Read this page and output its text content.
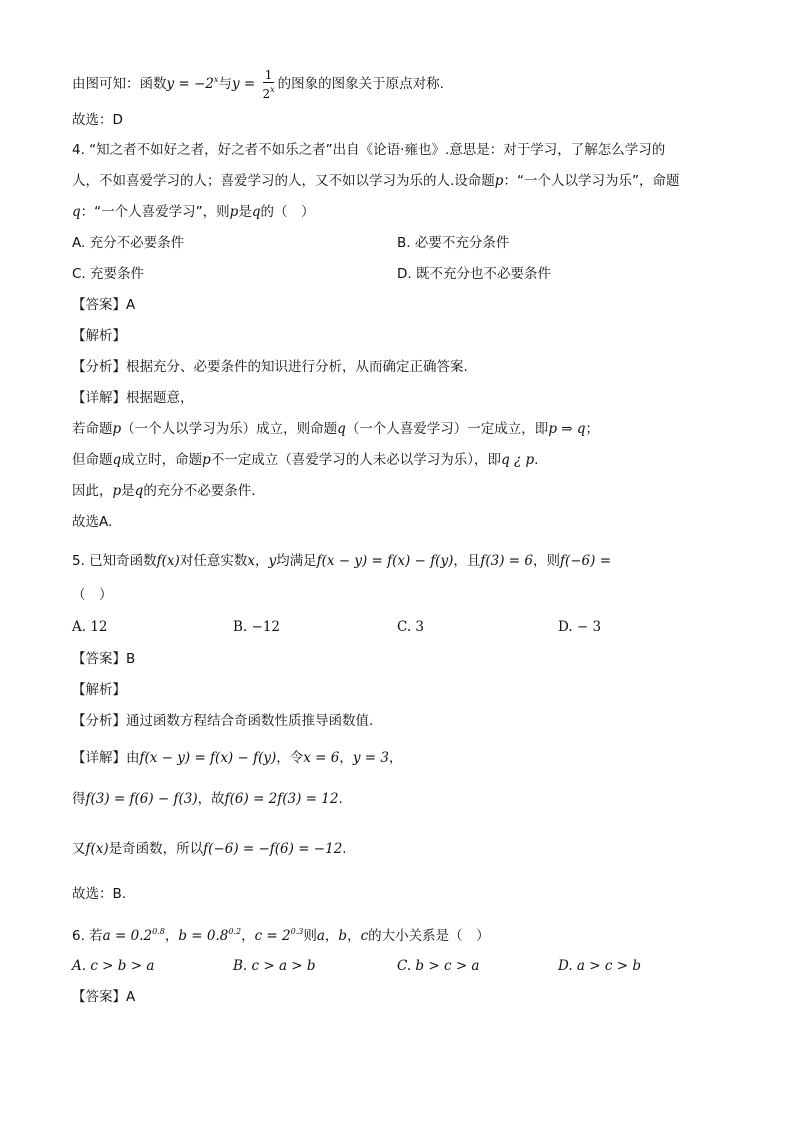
由图可知：函数$y = -2^x$与$y = \frac{1}{2^x}$ 的图象的图象关于原点对称.
故选：D
4. “知之者不如好之者，好之者不如乐之者”出自《论语·雍也》.意思是：对于学习，了解怎么学习的
人，不如喜爱学习的人；喜爱学习的人，又不如以学习为乐的人.设命题p：“一个人以学习为乐”，命题
q：“一个人喜爱学习”，则p是q的（　）
A. 充分不必要条件	B. 必要不充分条件
C. 充要条件	D. 既不充分也不必要条件
【答案】A
【解析】
【分析】根据充分、必要条件的知识进行分析，从而确定正确答案.
【详解】根据题意，
若命题p（一个人以学习为乐）成立，则命题q（一个人喜爱学习）一定成立，即p ⇒ q；
但命题q成立时，命题p不一定成立（喜爱学习的人未必以学习为乐），即q ¿ p.
因此，p是q的充分不必要条件.
故选A.
5. 已知奇函数f(x)对任意实数x，y均满足f(x − y) = f(x) − f(y)，且f(3) = 6，则f(−6) =
（　）
A. 12	B. −12	C. 3	D. − 3
【答案】B
【解析】
【分析】通过函数方程结合奇函数性质推导函数值.
【详解】由f(x − y) = f(x) − f(y)，令x = 6，y = 3，
得f(3) = f(6) − f(3)，故f(6) = 2f(3) = 12.
又f(x)是奇函数，所以f(−6) = −f(6) = −12.
故选：B.
6. 若$a = 0.2^{0.8}$，$b = 0.8^{0.2}$，$c = 2^{0.3}$则a，b，c的大小关系是（　）
A. c > b > a	B. c > a > b	C. b > c > a	D. a > c > b
【答案】A
